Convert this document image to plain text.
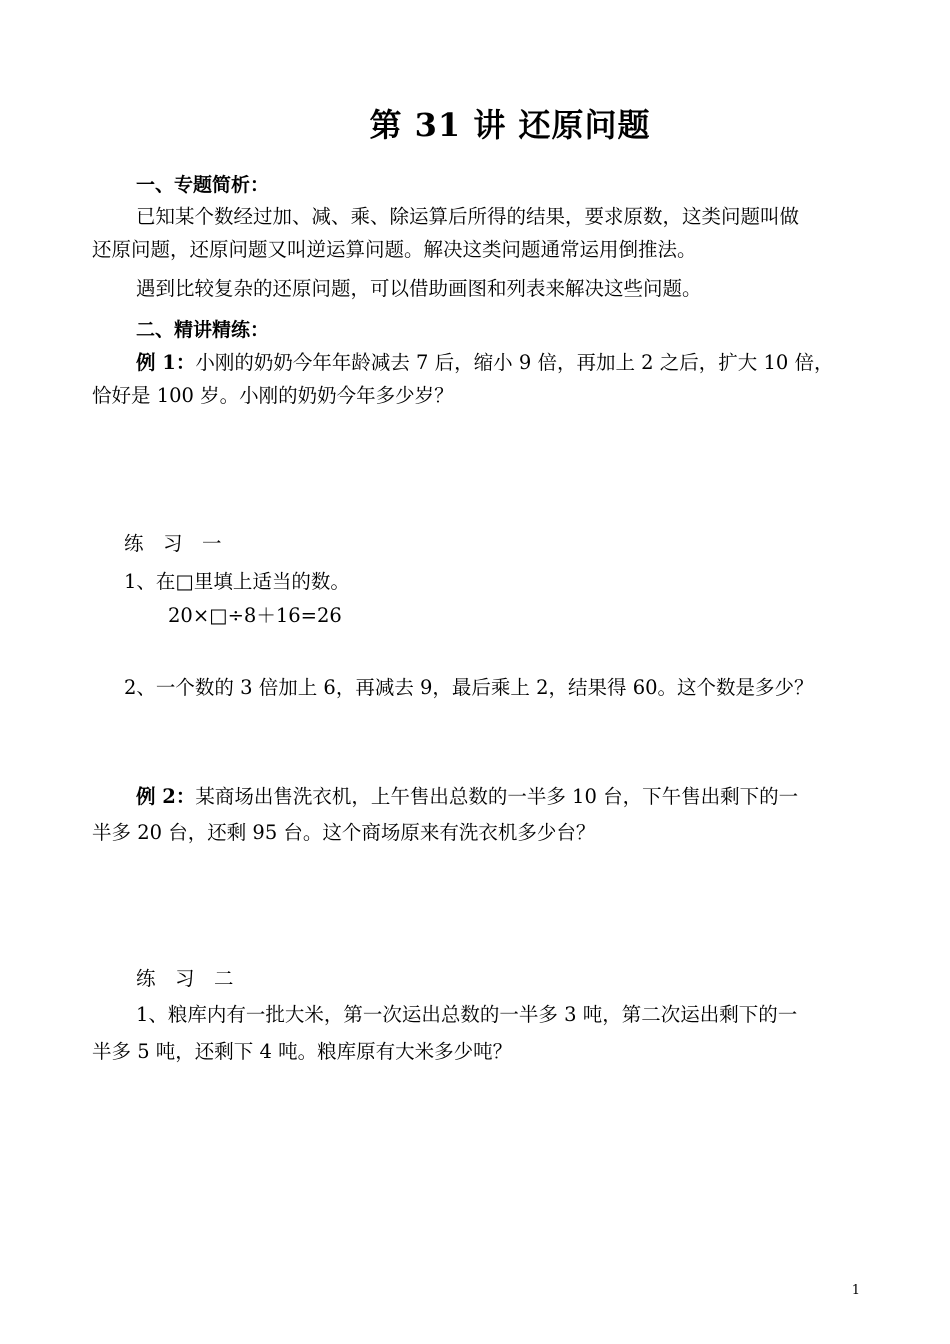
第 31 讲 还原问题
一、专题简析：
已知某个数经过加、减、乘、除运算后所得的结果，要求原数，这类问题叫做
还原问题，还原问题又叫逆运算问题。解决这类问题通常运用倒推法。
遇到比较复杂的还原问题，可以借助画图和列表来解决这些问题。
二、精讲精练：
例 1：小刚的奶奶今年年龄减去 7 后，缩小 9 倍，再加上 2 之后，扩大 10 倍，
恰好是 100 岁。小刚的奶奶今年多少岁？
练　习　一
1、在□里填上适当的数。
20×□÷8＋16=26
2、一个数的 3 倍加上 6，再减去 9，最后乘上 2，结果得 60。这个数是多少？
例 2：某商场出售洗衣机，上午售出总数的一半多 10 台，下午售出剩下的一
半多 20 台，还剩 95 台。这个商场原来有洗衣机多少台？
练　习　二
1、粮库内有一批大米，第一次运出总数的一半多 3 吨，第二次运出剩下的一
半多 5 吨，还剩下 4 吨。粮库原有大米多少吨？
1
